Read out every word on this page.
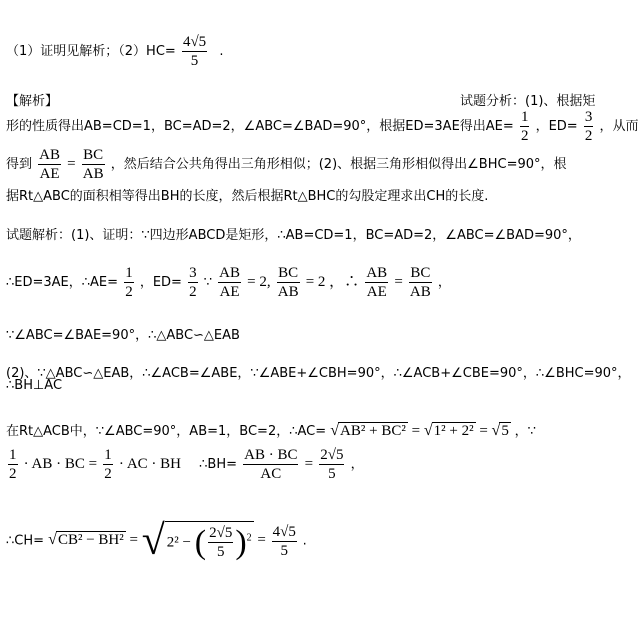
（1）证明见解析；$(2)HC= \frac{4√5}{5}$ .
【解析】	试题分析：(1)、根据矩
形的性质得出AB=CD=1，BC=AD=2，∠ABC=∠BAD=90°，根据ED=3AE得出$AE= \frac{1}{2}$ ，$ED= \frac{3}{2}$ ，从而
得到 $\frac{AB}{AE} = \frac{BC}{AB}$ ，然后结合公共角得出三角形相似；(2)、根据三角形相似得出∠BHC=90°，根
据Rt△ABC的面积相等得出BH的长度，然后根据Rt△BHC的勾股定理求出CH的长度.
试题解析：(1)、证明：∵四边形ABCD是矩形，∴AB=CD=1，BC=AD=2，∠ABC=∠BAD=90°，
∴ED=3AE，∴AE= $\frac{1}{2}$ ，$ED= \frac{3}{2}$ ∵ $\frac{AB}{AE} = 2$, $\frac{BC}{AB} = 2$ ，∴ $\frac{AB}{AE} = \frac{BC}{AB}$ ，
∵∠ABC=∠BAE=90°，∴△ABC∽△EAB
(2)、∵△ABC∽△EAB，∴∠ACB=∠ABE，∵∠ABE+∠CBH=90°，∴∠ACB+∠CBE=90°，∴∠BHC=90°，
∴BH⊥AC
在Rt△ACB中，∵∠ABC=90°，AB=1，BC=2，∴AC= √AB² + BC² = √1² + 2² = √5 ，∵
$\frac{1}{2}$ · AB · BC = $\frac{1}{2}$ · AC · BH ∴BH= $\frac{AB \cdot BC}{AC} = \frac{2√5}{5}$ ，
∴CH= √CB² − BH² = √ 2² − ( $\frac{2√5}{5} )^2 = \frac{4√5}{5}$ .
